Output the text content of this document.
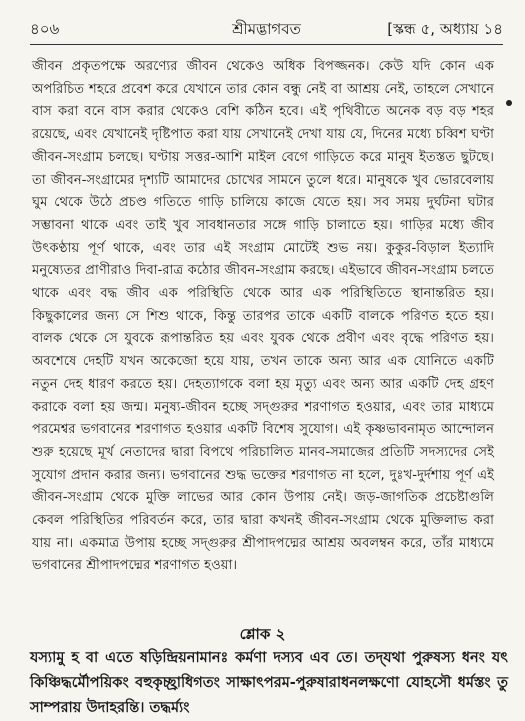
৪০৬	শ্রীমদ্ভাগবত	[স্কন্ধ ৫, অধ্যায় ১৪

জীবন প্রকৃতপক্ষে অরণ্যের জীবন থেকেও অধিক বিপজ্জনক। কেউ যদি কোন এক অপরিচিত শহরে প্রবেশ করে যেখানে তার কোন বন্ধু নেই বা আশ্রয় নেই, তাহলে সেখানে বাস করা বনে বাস করার থেকেও বেশি কঠিন হবে। এই পৃথিবীতে অনেক বড় বড় শহর রয়েছে, এবং যেখানেই দৃষ্টিপাত করা যায় সেখানেই দেখা যায় যে, দিনের মধ্যে চব্বিশ ঘণ্টা জীবন-সংগ্রাম চলছে। ঘণ্টায় সত্তর-আশি মাইল বেগে গাড়িতে করে মানুষ ইতস্তত ছুটছে। তা জীবন-সংগ্রামের দৃশ্যটি আমাদের চোখের সামনে তুলে ধরে। মানুষকে খুব ভোরবেলায় ঘুম থেকে উঠে প্রচণ্ড গতিতে গাড়ি চালিয়ে কাজে যেতে হয়। সব সময় দুর্ঘটনা ঘটার সম্ভাবনা থাকে এবং তাই খুব সাবধানতার সঙ্গে গাড়ি চালাতে হয়। গাড়ির মধ্যে জীব উৎকণ্ঠায় পূর্ণ থাকে, এবং তার এই সংগ্রাম মোটেই শুভ নয়। কুকুর-বিড়াল ইত্যাদি মনুষ্যেতর প্রাণীরাও দিবা-রাত্র কঠোর জীবন-সংগ্রাম করছে। এইভাবে জীবন-সংগ্রাম চলতে থাকে এবং বদ্ধ জীব এক পরিস্থিতি থেকে আর এক পরিস্থিতিতে স্থানান্তরিত হয়। কিছুকালের জন্য সে শিশু থাকে, কিন্তু তারপর তাকে একটি বালকে পরিণত হতে হয়। বালক থেকে সে যুবকে রূপান্তরিত হয় এবং যুবক থেকে প্রবীণ এবং বৃদ্ধে পরিণত হয়। অবশেষে দেহটি যখন অকেজো হয়ে যায়, তখন তাকে অন্য আর এক যোনিতে একটি নতুন দেহ ধারণ করতে হয়। দেহত্যাগকে বলা হয় মৃত্যু এবং অন্য আর একটি দেহ গ্রহণ করাকে বলা হয় জন্ম। মনুষ্য-জীবন হচ্ছে সদ্গুরুর শরণাগত হওয়ার, এবং তার মাধ্যমে পরমেশ্বর ভগবানের শরণাগত হওয়ার একটি বিশেষ সুযোগ। এই কৃষ্ণভাবনামৃত আন্দোলন শুরু হয়েছে মূর্খ নেতাদের দ্বারা বিপথে পরিচালিত মানব-সমাজের প্রতিটি সদস্যদের সেই সুযোগ প্রদান করার জন্য। ভগবানের শুদ্ধ ভক্তের শরণাগত না হলে, দুঃখ-দুর্দশায় পূর্ণ এই জীবন-সংগ্রাম থেকে মুক্তি লাভের আর কোন উপায় নেই। জড়-জাগতিক প্রচেষ্টাগুলি কেবল পরিস্থিতির পরিবর্তন করে, তার দ্বারা কখনই জীবন-সংগ্রাম থেকে মুক্তিলাভ করা যায় না। একমাত্র উপায় হচ্ছে সদ্গুরুর শ্রীপাদপদ্মের আশ্রয় অবলম্বন করে, তাঁর মাধ্যমে ভগবানের শ্রীপাদপদ্মের শরণাগত হওয়া।

শ্লোক ২

যস্যামু হ বা এতে ষড়িন্দ্রিয়নামানঃ কর্মণা দস্যব এব তে। তদ্‌যথা পুরুষস্য ধনং যৎ কিঞ্চিদ্ধর্মৌপয়িকং বহুকৃচ্ছ্রাধিগতং সাক্ষাৎপরম-পুরুষারাধনলক্ষণো যোহসৌ ধর্মস্তং তু সাম্পরায় উদাহরন্তি। তদ্ধর্ম্যং
